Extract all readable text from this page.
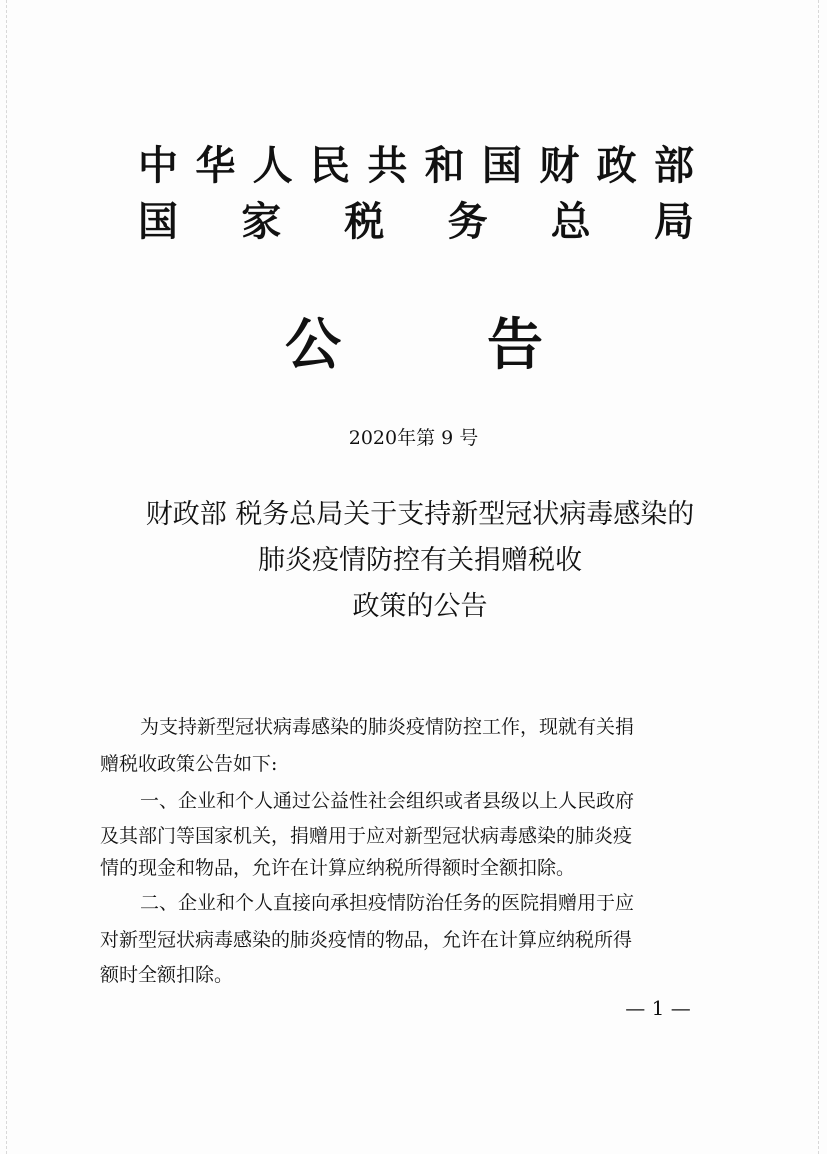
中 华 人 民 共 和 国 财 政 部
国 家 税 务 总 局
公	告
2020年第 9 号
财政部 税务总局关于支持新型冠状病毒感染的
肺炎疫情防控有关捐赠税收
政策的公告
为支持新型冠状病毒感染的肺炎疫情防控工作，现就有关捐
赠税收政策公告如下:
一、企业和个人通过公益性社会组织或者县级以上人民政府
及其部门等国家机关，捐赠用于应对新型冠状病毒感染的肺炎疫
情的现金和物品，允许在计算应纳税所得额时全额扣除。
二、企业和个人直接向承担疫情防治任务的医院捐赠用于应
对新型冠状病毒感染的肺炎疫情的物品，允许在计算应纳税所得
额时全额扣除。
— 1 —
